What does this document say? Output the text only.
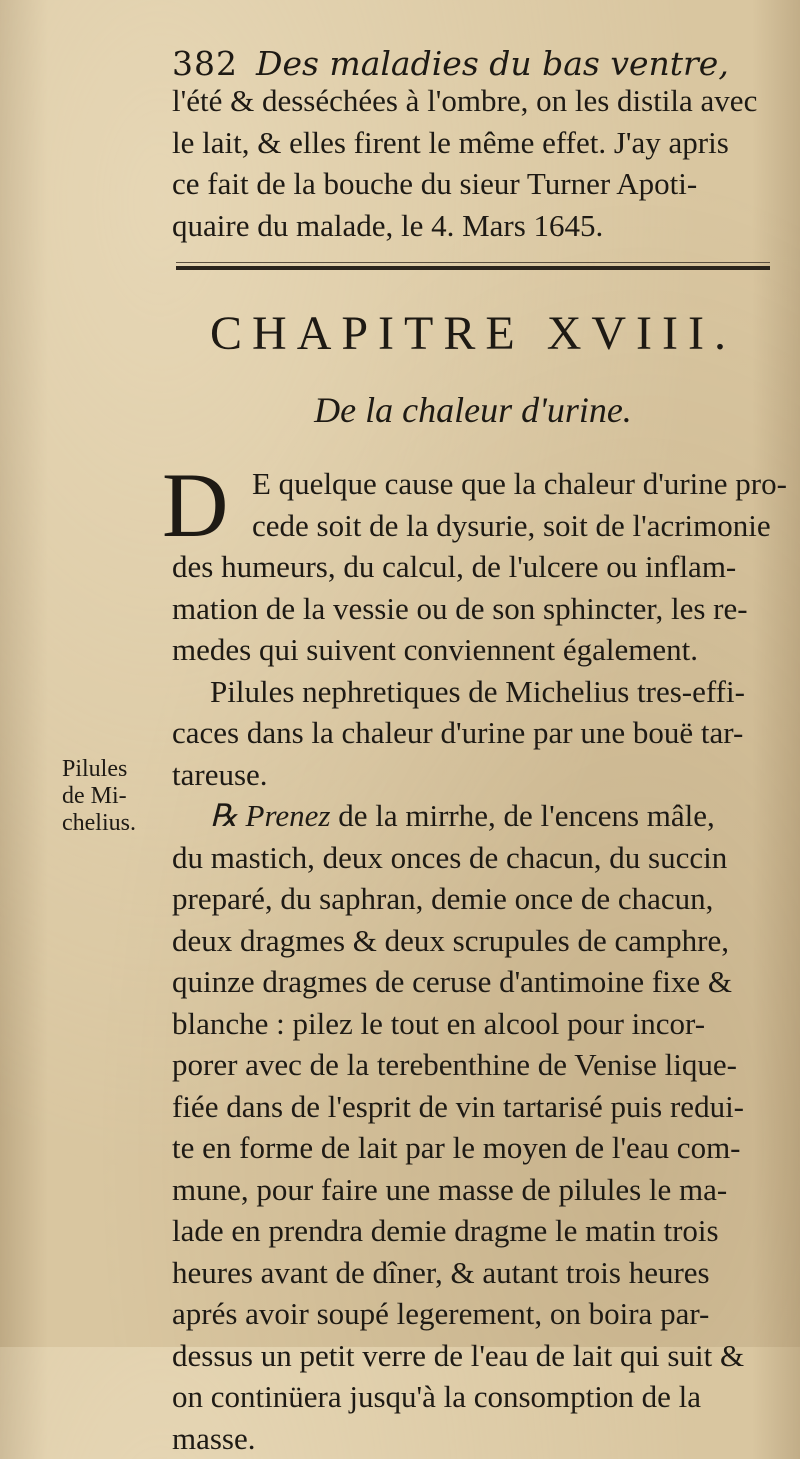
382 Des maladies du bas ventre,
l'été & desséchées à l'ombre, on les distila avec
le lait, & elles firent le même effet. J'ay apris
ce fait de la bouche du sieur Turner Apoti-
quaire du malade, le 4. Mars 1645.
CHAPITRE XVIII.
De la chaleur d'urine.
D E quelque cause que la chaleur d'urine pro-
cede soit de la dysurie, soit de l'acrimonie
des humeurs, du calcul, de l'ulcere ou inflam-
mation de la vessie ou de son sphincter, les re-
medes qui suivent conviennent également.
Pilules nephretiques de Michelius tres-effi-
caces dans la chaleur d'urine par une bouë tar-
tareuse.
℞ Prenez de la mirrhe, de l'encens mâle,
du mastich, deux onces de chacun, du succin
preparé, du saphran, demie once de chacun,
deux dragmes & deux scrupules de camphre,
quinze dragmes de ceruse d'antimoine fixe &
blanche : pilez le tout en alcool pour incor-
porer avec de la terebenthine de Venise lique-
fiée dans de l'esprit de vin tartarisé puis redui-
te en forme de lait par le moyen de l'eau com-
mune, pour faire une masse de pilules le ma-
lade en prendra demie dragme le matin trois
heures avant de dîner, & autant trois heures
aprés avoir soupé legerement, on boira par-
dessus un petit verre de l'eau de lait qui suit &
on continüera jusqu'à la consomption de la
masse.
Pilules
de Mi-
chelius.
